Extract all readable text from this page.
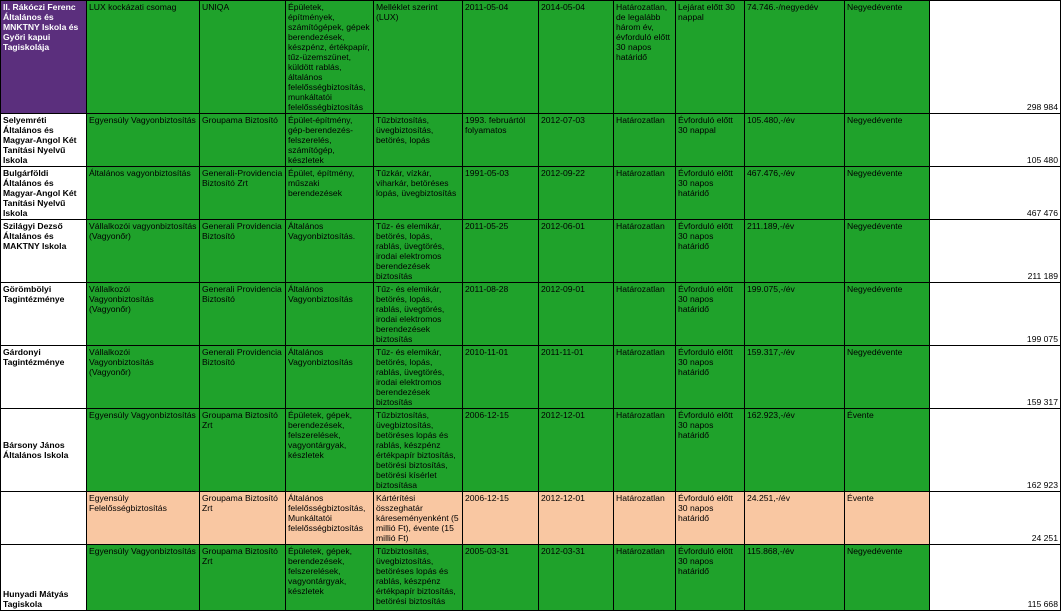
II. Rákóczi Ferenc Általános és MNKTNY Iskola és Győri kapui Tagiskolája	LUX kockázati csomag	UNIQA	Épületek, építmények, számítógépek, gépek berendezések, készpénz, értékpapír, tűz-üzemszünet, küldött rablás, általános felelősségbiztosítás, munkáltatói felelősségbiztosítás	Melléklet szerint (LUX)	2011-05-04	2014-05-04	Határozatlan, de legalább három év, évforduló előtt 30 napos határidő	Lejárat előtt 30 nappal	74.746.-/negyedév	Negyedévente	298 984
Selyemréti Általános és Magyar-Angol Két Tanítási Nyelvű Iskola	Egyensúly Vagyonbiztosítás	Groupama Biztosító	Épület-építmény, gép-berendezés-felszerelés, számítógép, készletek	Tűzbiztosítás, üvegbiztosítás, betörés, lopás	1993. februártól folyamatos	2012-07-03	Határozatlan	Évforduló előtt 30 nappal	105.480,-/év	Negyedévente	105 480
Bulgárföldi Általános és Magyar-Angol Két Tanítási Nyelvű Iskola	Általános vagyonbiztosítás	Generali-Providencia Biztosító Zrt	Épület, építmény, műszaki berendezések	Tűzkár, vízkár, viharkár, betöréses lopás, üvegbiztosítás	1991-05-03	2012-09-22	Határozatlan	Évforduló előtt 30 napos határidő	467.476,-/év	Negyedévente	467 476
Szilágyi Dezső Általános és MAKTNY Iskola	Vállalkozói vagyonbiztosítás (Vagyonőr)	Generali Providencia Biztosító	Általános Vagyonbiztosítás.	Tűz- és elemikár, betörés, lopás, rablás, üvegtörés, irodai elektromos berendezések biztosítás	2011-05-25	2012-06-01	Határozatlan	Évforduló előtt 30 napos határidő	211.189,-/év	Negyedévente	211 189
Görömbölyi Tagintézménye	Vállalkozói Vagyonbiztosítás (Vagyonőr)	Generali Providencia Biztosító	Általános Vagyonbiztosítás	Tűz- és elemikár, betörés, lopás, rablás, üvegtörés, irodai elektromos berendezések biztosítás	2011-08-28	2012-09-01	Határozatlan	Évforduló előtt 30 napos határidő	199.075,-/év	Negyedévente	199 075
Gárdonyi Tagintézménye	Vállalkozói Vagyonbiztosítás (Vagyonőr)	Generali Providencia Biztosító	Általános Vagyonbiztosítás	Tűz- és elemikár, betörés, lopás, rablás, üvegtörés, irodai elektromos berendezések biztosítás	2010-11-01	2011-11-01	Határozatlan	Évforduló előtt 30 napos határidő	159.317,-/év	Negyedévente	159 317
Bársony János Általános Iskola	Egyensúly Vagyonbiztosítás	Groupama Biztosító Zrt	Épületek, gépek, berendezések, felszerelések, vagyontárgyak, készletek	Tűzbiztosítás, üvegbiztosítás, betöréses lopás és rablás, készpénz értékpapír biztosítás, betörési biztosítás, betörési kísérlet biztosítása	2006-12-15	2012-12-01	Határozatlan	Évforduló előtt 30 napos határidő	162.923,-/év	Évente	162 923
	Egyensúly Felelősségbiztosítás	Groupama Biztosító Zrt	Általános felelősségbiztosítás, Munkáltatói felelősségbiztosítás	Kártérítési összeghatár káreseményenként (5 millió Ft), évente (15 millió Ft)	2006-12-15	2012-12-01	Határozatlan	Évforduló előtt 30 napos határidő	24.251,-/év	Évente	24 251
Hunyadi Mátyás Tagiskola	Egyensúly Vagyonbiztosítás	Groupama Biztosító Zrt	Épületek, gépek, berendezések, felszerelések, vagyontárgyak, készletek	Tűzbiztosítás, üvegbiztosítás, betöréses lopás és rablás, készpénz értékpapír biztosítás, betörési biztosítás	2005-03-31	2012-03-31	Határozatlan	Évforduló előtt 30 napos határidő	115.868,-/év	Negyedévente	115 668
